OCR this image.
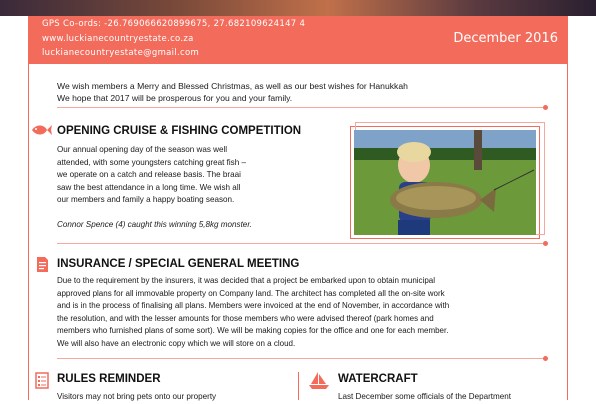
GPS Co-ords: -26.769066620899675, 27.682109624147 4
www.luckianecountryestate.co.za
luckianecountryestate@gmail.com
December 2016
We wish members a Merry and Blessed Christmas, as well as our best wishes for Hanukkah
We hope that 2017 will be prosperous for you and your family.
OPENING CRUISE & FISHING COMPETITION
Our annual opening day of the season was well
attended, with some youngsters catching great fish –
we operate on a catch and release basis. The braai
saw the best attendance in a long time. We wish all
our members and family a happy boating season.
Connor Spence (4) caught this winning 5,8kg monster.
INSURANCE / SPECIAL GENERAL MEETING
Due to the requirement by the insurers, it was decided that a project be embarked upon to obtain municipal
approved plans for all immovable property on Company land. The architect has completed all the on-site work
and is in the process of finalising all plans. Members were invoiced at the end of November, in accordance with
the resolution, and with the lesser amounts for those members who were advised thereof (park homes and
members who furnished plans of some sort). We will be making copies for the office and one for each member.
We will also have an electronic copy which we will store on a cloud.
RULES REMINDER
Visitors may not bring pets onto our property
WATERCRAFT
Last December some officials of the Department
